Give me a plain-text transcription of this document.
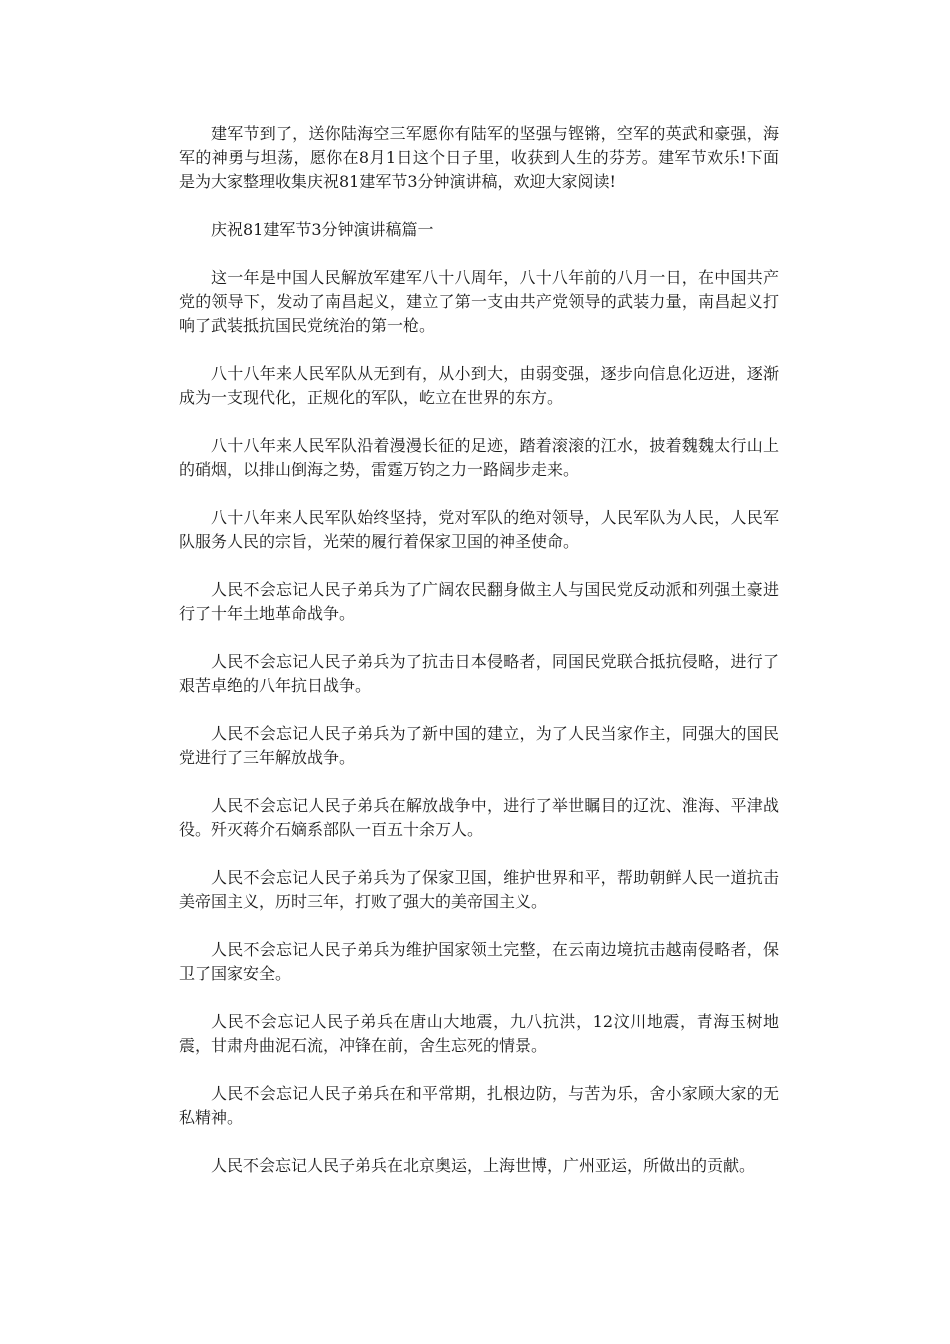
建军节到了，送你陆海空三军愿你有陆军的坚强与铿锵，空军的英武和豪强，海军的神勇与坦荡，愿你在8月1日这个日子里，收获到人生的芬芳。建军节欢乐!下面是为大家整理收集庆祝81建军节3分钟演讲稿，欢迎大家阅读!

庆祝81建军节3分钟演讲稿篇一

这一年是中国人民解放军建军八十八周年，八十八年前的八月一日，在中国共产党的领导下，发动了南昌起义，建立了第一支由共产党领导的武装力量，南昌起义打响了武装抵抗国民党统治的第一枪。

八十八年来人民军队从无到有，从小到大，由弱变强，逐步向信息化迈进，逐渐成为一支现代化，正规化的军队，屹立在世界的东方。

八十八年来人民军队沿着漫漫长征的足迹，踏着滚滚的江水，披着魏魏太行山上的硝烟，以排山倒海之势，雷霆万钧之力一路阔步走来。

八十八年来人民军队始终坚持，党对军队的绝对领导，人民军队为人民，人民军队服务人民的宗旨，光荣的履行着保家卫国的神圣使命。

人民不会忘记人民子弟兵为了广阔农民翻身做主人与国民党反动派和列强土豪进行了十年土地革命战争。

人民不会忘记人民子弟兵为了抗击日本侵略者，同国民党联合抵抗侵略，进行了艰苦卓绝的八年抗日战争。

人民不会忘记人民子弟兵为了新中国的建立，为了人民当家作主，同强大的国民党进行了三年解放战争。

人民不会忘记人民子弟兵在解放战争中，进行了举世瞩目的辽沈、淮海、平津战役。歼灭蒋介石嫡系部队一百五十余万人。

人民不会忘记人民子弟兵为了保家卫国，维护世界和平，帮助朝鲜人民一道抗击美帝国主义，历时三年，打败了强大的美帝国主义。

人民不会忘记人民子弟兵为维护国家领土完整，在云南边境抗击越南侵略者，保卫了国家安全。

人民不会忘记人民子弟兵在唐山大地震，九八抗洪，12汶川地震，青海玉树地震，甘肃舟曲泥石流，冲锋在前，舍生忘死的情景。

人民不会忘记人民子弟兵在和平常期，扎根边防，与苦为乐，舍小家顾大家的无私精神。

人民不会忘记人民子弟兵在北京奥运，上海世博，广州亚运，所做出的贡献。
